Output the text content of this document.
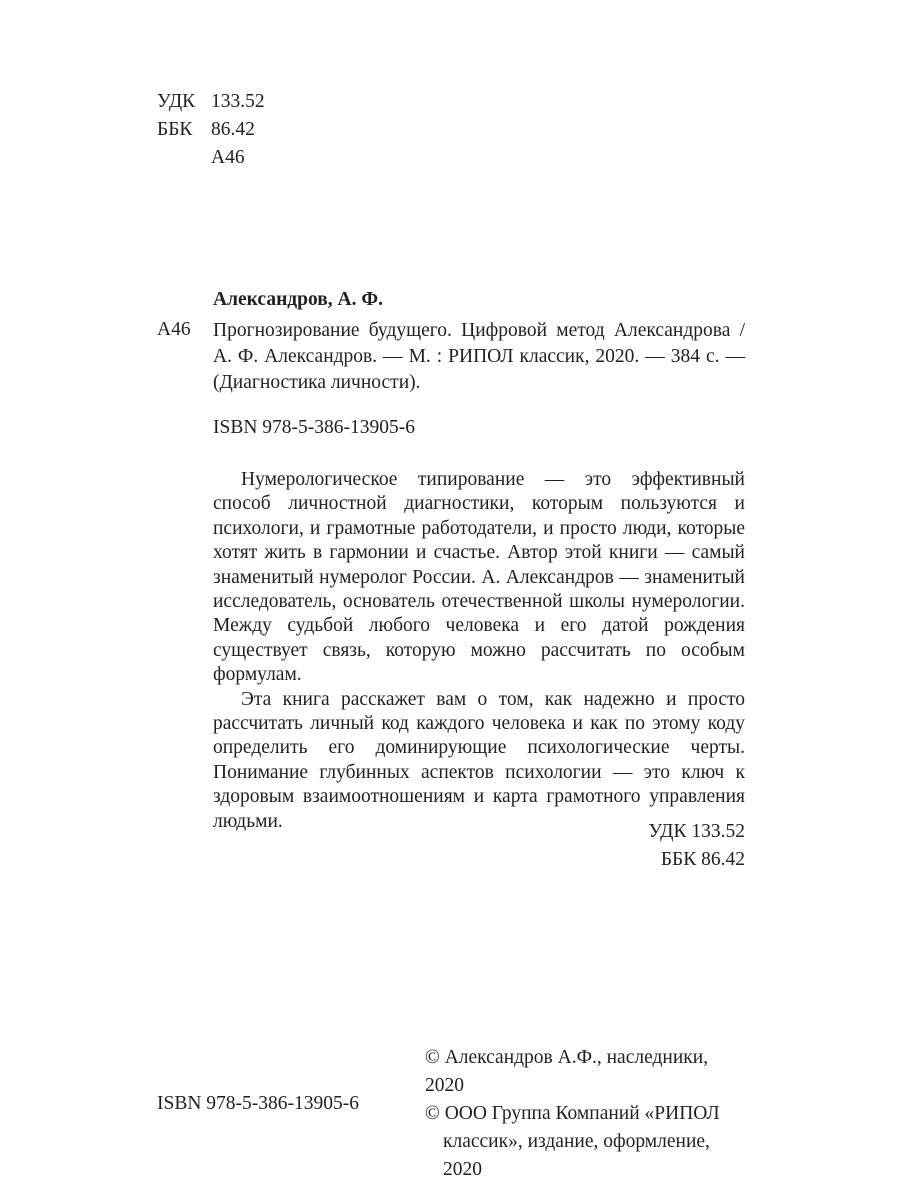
УДК 133.52
ББК 86.42
А46
Александров, А. Ф.
А46 Прогнозирование будущего. Цифровой метод Александрова / А. Ф. Александров. — М. : РИПОЛ классик, 2020. — 384 с. — (Диагностика личности).
ISBN 978-5-386-13905-6

Нумерологическое типирование — это эффективный способ личностной диагностики, которым пользуются и психологи, и грамотные работодатели, и просто люди, которые хотят жить в гармонии и счастье. Автор этой книги — самый знаменитый нумеролог России. А. Александров — знаменитый исследователь, основатель отечественной школы нумерологии. Между судьбой любого человека и его датой рождения существует связь, которую можно рассчитать по особым формулам.

Эта книга расскажет вам о том, как надежно и просто рассчитать личный код каждого человека и как по этому коду определить его доминирующие психологические черты. Понимание глубинных аспектов психологии — это ключ к здоровым взаимоотношениям и карта грамотного управления людьми.	УДК 133.52
ББК 86.42
© Александров А.Ф., наследники, 2020
© ООО Группа Компаний «РИПОЛ
классик», издание, оформление, 2020
ISBN 978-5-386-13905-6
